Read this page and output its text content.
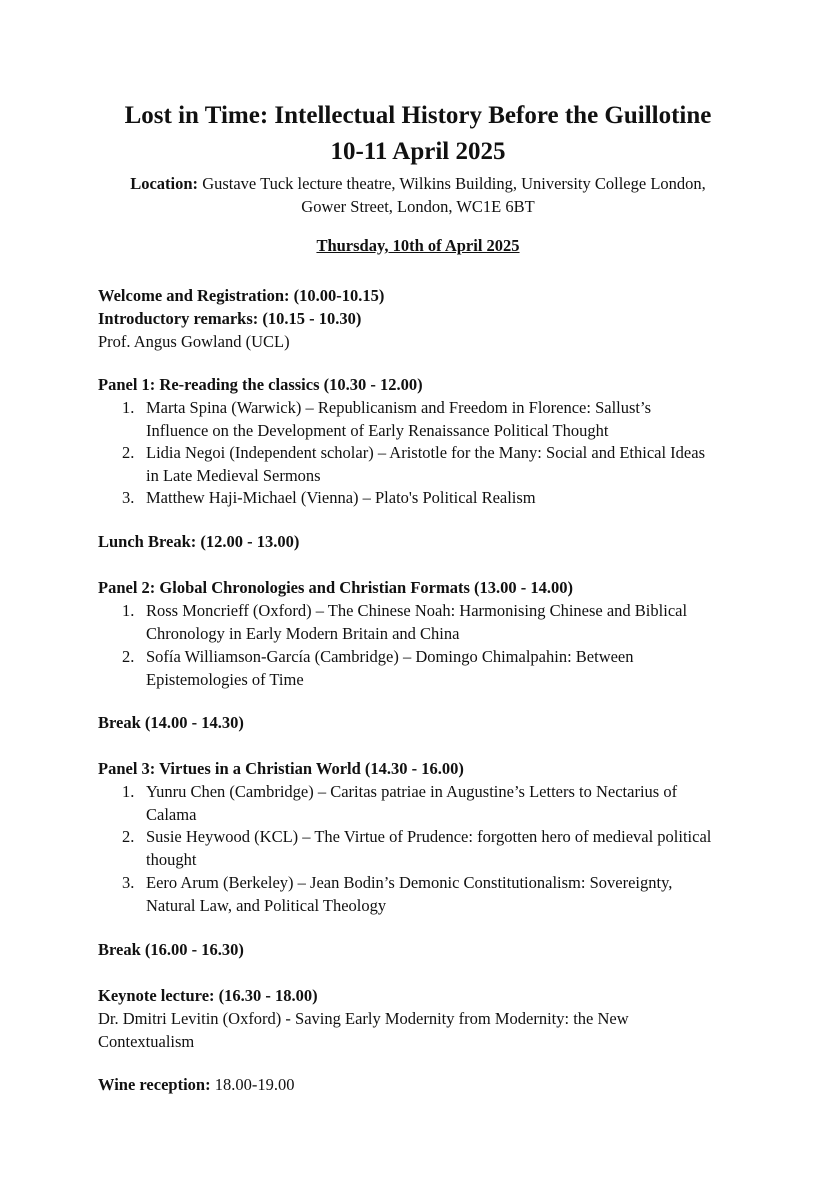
Lost in Time: Intellectual History Before the Guillotine
10-11 April 2025
Location: Gustave Tuck lecture theatre, Wilkins Building, University College London,
Gower Street, London, WC1E 6BT
Thursday, 10th of April 2025
Welcome and Registration: (10.00-10.15)
Introductory remarks: (10.15 - 10.30)
Prof. Angus Gowland (UCL)
Panel 1: Re-reading the classics (10.30 - 12.00)
1. Marta Spina (Warwick) – Republicanism and Freedom in Florence: Sallust’s
Influence on the Development of Early Renaissance Political Thought
2. Lidia Negoi (Independent scholar) – Aristotle for the Many: Social and Ethical Ideas
in Late Medieval Sermons
3. Matthew Haji-Michael (Vienna) – Plato's Political Realism
Lunch Break: (12.00 - 13.00)
Panel 2: Global Chronologies and Christian Formats (13.00 - 14.00)
1. Ross Moncrieff (Oxford) – The Chinese Noah: Harmonising Chinese and Biblical
Chronology in Early Modern Britain and China
2. Sofía Williamson-García (Cambridge) – Domingo Chimalpahin: Between
Epistemologies of Time
Break (14.00 - 14.30)
Panel 3: Virtues in a Christian World (14.30 - 16.00)
1. Yunru Chen (Cambridge) – Caritas patriae in Augustine’s Letters to Nectarius of
Calama
2. Susie Heywood (KCL) – The Virtue of Prudence: forgotten hero of medieval political
thought
3. Eero Arum (Berkeley) – Jean Bodin’s Demonic Constitutionalism: Sovereignty,
Natural Law, and Political Theology
Break (16.00 - 16.30)
Keynote lecture: (16.30 - 18.00)
Dr. Dmitri Levitin (Oxford) - Saving Early Modernity from Modernity: the New
Contextualism
Wine reception: 18.00-19.00
